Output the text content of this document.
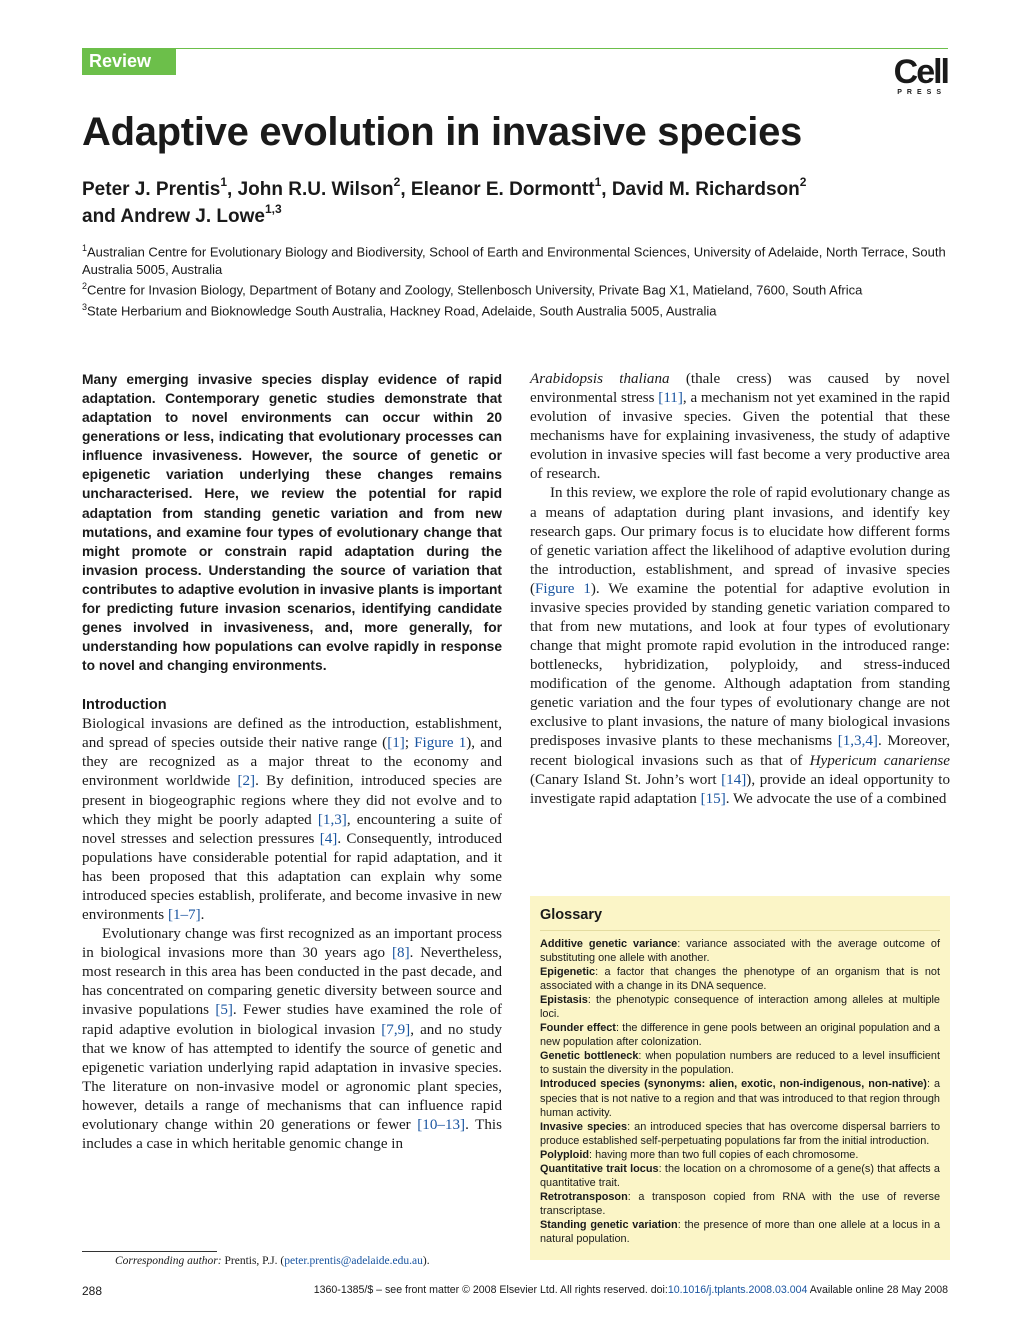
Review	Cell
PRESS
Adaptive evolution in invasive species
Peter J. Prentis$^1$, John R.U. Wilson$^2$, Eleanor E. Dormontt$^1$, David M. Richardson$^2$
and Andrew J. Lowe$^{1,3}$
$^1$Australian Centre for Evolutionary Biology and Biodiversity, School of Earth and Environmental Sciences, University of Adelaide, North Terrace, South Australia 5005, Australia
$^2$Centre for Invasion Biology, Department of Botany and Zoology, Stellenbosch University, Private Bag X1, Matieland, 7600, South Africa
$^3$State Herbarium and Bioknowledge South Australia, Hackney Road, Adelaide, South Australia 5005, Australia

Many emerging invasive species display evidence of rapid adaptation. Contemporary genetic studies demonstrate that adaptation to novel environments can occur within 20 generations or less, indicating that evolutionary processes can influence invasiveness. However, the source of genetic or epigenetic variation underlying these changes remains uncharacterised. Here, we review the potential for rapid adaptation from standing genetic variation and from new mutations, and examine four types of evolutionary change that might promote or constrain rapid adaptation during the invasion process. Understanding the source of variation that contributes to adaptive evolution in invasive plants is important for predicting future invasion scenarios, identifying candidate genes involved in invasiveness, and, more generally, for understanding how populations can evolve rapidly in response to novel and changing environments.

Introduction

Biological invasions are defined as the introduction, establishment, and spread of species outside their native range ([1]; Figure 1), and they are recognized as a major threat to the economy and environment worldwide [2]. By definition, introduced species are present in biogeographic regions where they did not evolve and to which they might be poorly adapted [1,3], encountering a suite of novel stresses and selection pressures [4]. Consequently, introduced populations have considerable potential for rapid adaptation, and it has been proposed that this adaptation can explain why some introduced species establish, proliferate, and become invasive in new environments [1–7].

Evolutionary change was first recognized as an important process in biological invasions more than 30 years ago [8]. Nevertheless, most research in this area has been conducted in the past decade, and has concentrated on comparing genetic diversity between source and invasive populations [5]. Fewer studies have examined the role of rapid adaptive evolution in biological invasion [7,9], and no study that we know of has attempted to identify the source of genetic and epigenetic variation underlying rapid adaptation in invasive species. The literature on non-invasive model or agronomic plant species, however, details a range of mechanisms that can influence rapid evolutionary change within 20 generations or fewer [10–13]. This includes a case in which heritable genomic change in

Arabidopsis thaliana (thale cress) was caused by novel environmental stress [11], a mechanism not yet examined in the rapid evolution of invasive species. Given the potential that these mechanisms have for explaining invasiveness, the study of adaptive evolution in invasive species will fast become a very productive area of research.

In this review, we explore the role of rapid evolutionary change as a means of adaptation during plant invasions, and identify key research gaps. Our primary focus is to elucidate how different forms of genetic variation affect the likelihood of adaptive evolution during the introduction, establishment, and spread of invasive species (Figure 1). We examine the potential for adaptive evolution in invasive species provided by standing genetic variation compared to that from new mutations, and look at four types of evolutionary change that might promote rapid evolution in the introduced range: bottlenecks, hybridization, polyploidy, and stress-induced modification of the genome. Although adaptation from standing genetic variation and the four types of evolutionary change are not exclusive to plant invasions, the nature of many biological invasions predisposes invasive plants to these mechanisms [1,3,4]. Moreover, recent biological invasions such as that of Hypericum canariense (Canary Island St. John’s wort [14]), provide an ideal opportunity to investigate rapid adaptation [15]. We advocate the use of a combined

Glossary

Additive genetic variance: variance associated with the average outcome of substituting one allele with another.

Epigenetic: a factor that changes the phenotype of an organism that is not associated with a change in its DNA sequence.

Epistasis: the phenotypic consequence of interaction among alleles at multiple loci.

Founder effect: the difference in gene pools between an original population and a new population after colonization.

Genetic bottleneck: when population numbers are reduced to a level insufficient to sustain the diversity in the population.

Introduced species (synonyms: alien, exotic, non-indigenous, non-native): a species that is not native to a region and that was introduced to that region through human activity.

Invasive species: an introduced species that has overcome dispersal barriers to produce established self-perpetuating populations far from the initial introduction.

Polyploid: having more than two full copies of each chromosome.

Quantitative trait locus: the location on a chromosome of a gene(s) that affects a quantitative trait.

Retrotransposon: a transposon copied from RNA with the use of reverse transcriptase.

Standing genetic variation: the presence of more than one allele at a locus in a natural population.

Corresponding author: Prentis, P.J. (peter.prentis@adelaide.edu.au).
288	1360-1385/$ – see front matter © 2008 Elsevier Ltd. All rights reserved. doi:10.1016/j.tplants.2008.03.004 Available online 28 May 2008
